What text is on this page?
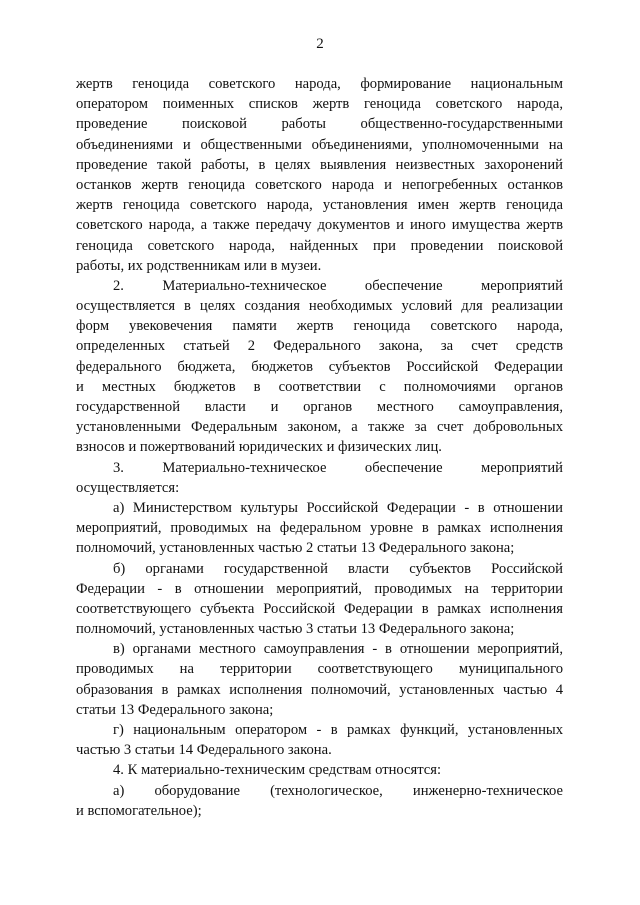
2
жертв геноцида советского народа, формирование национальным
оператором поименных списков жертв геноцида советского народа,
проведение поисковой работы общественно-государственными
объединениями и общественными объединениями, уполномоченными на
проведение такой работы, в целях выявления неизвестных захоронений
останков жертв геноцида советского народа и непогребенных останков
жертв геноцида советского народа, установления имен жертв геноцида
советского народа, а также передачу документов и иного имущества жертв
геноцида советского народа, найденных при проведении поисковой
работы, их родственникам или в музеи.
2. Материально-техническое обеспечение мероприятий
осуществляется в целях создания необходимых условий для реализации
форм увековечения памяти жертв геноцида советского народа,
определенных статьей 2 Федерального закона, за счет средств
федерального бюджета, бюджетов субъектов Российской Федерации
и местных бюджетов в соответствии с полномочиями органов
государственной власти и органов местного самоуправления,
установленными Федеральным законом, а также за счет добровольных
взносов и пожертвований юридических и физических лиц.
3. Материально-техническое обеспечение мероприятий
осуществляется:
а) Министерством культуры Российской Федерации - в отношении
мероприятий, проводимых на федеральном уровне в рамках исполнения
полномочий, установленных частью 2 статьи 13 Федерального закона;
б) органами государственной власти субъектов Российской
Федерации - в отношении мероприятий, проводимых на территории
соответствующего субъекта Российской Федерации в рамках исполнения
полномочий, установленных частью 3 статьи 13 Федерального закона;
в) органами местного самоуправления - в отношении мероприятий,
проводимых на территории соответствующего муниципального
образования в рамках исполнения полномочий, установленных частью 4
статьи 13 Федерального закона;
г) национальным оператором - в рамках функций, установленных
частью 3 статьи 14 Федерального закона.
4. К материально-техническим средствам относятся:
а) оборудование (технологическое, инженерно-техническое
и вспомогательное);
